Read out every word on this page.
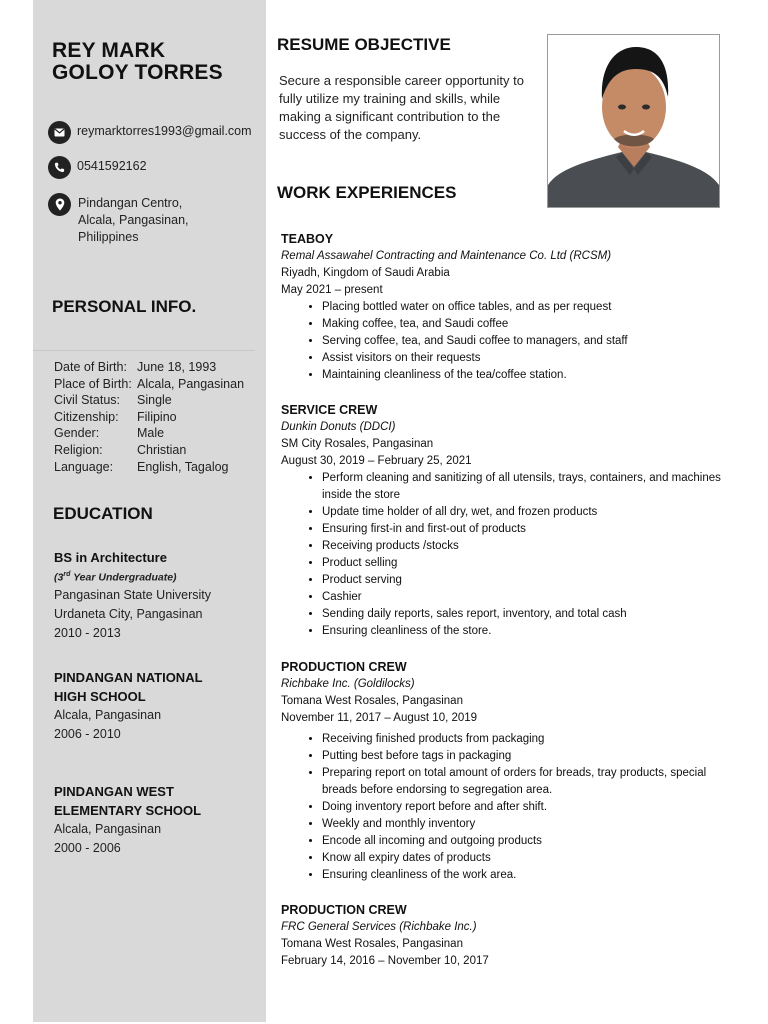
REY MARK
GOLOY TORRES
reymarktorres1993@gmail.com
0541592162
Pindangan Centro,
Alcala, Pangasinan,
Philippines
PERSONAL INFO.
Date of Birth: June 18, 1993
Place of Birth: Alcala, Pangasinan
Civil Status:	Single
Citizenship:	Filipino
Gender:	Male
Religion:	Christian
Language:	English, Tagalog
EDUCATION
BS in Architecture
(3rd Year Undergraduate)
Pangasinan State University
Urdaneta City, Pangasinan
2010 - 2013
PINDANGAN NATIONAL
HIGH SCHOOL
Alcala, Pangasinan
2006 - 2010
PINDANGAN WEST
ELEMENTARY SCHOOL
Alcala, Pangasinan
2000 - 2006
RESUME OBJECTIVE
Secure a responsible career opportunity to fully utilize my training and skills, while making a significant contribution to the success of the company.
WORK EXPERIENCES
TEABOY
Remal Assawahel Contracting and Maintenance Co. Ltd (RCSM)
Riyadh, Kingdom of Saudi Arabia
May 2021 – present
• Placing bottled water on office tables, and as per request
• Making coffee, tea, and Saudi coffee
• Serving coffee, tea, and Saudi coffee to managers, and staff
• Assist visitors on their requests
• Maintaining cleanliness of the tea/coffee station.
SERVICE CREW
Dunkin Donuts (DDCI)
SM City Rosales, Pangasinan
August 30, 2019 – February 25, 2021
• Perform cleaning and sanitizing of all utensils, trays, containers, and machines inside the store
• Update time holder of all dry, wet, and frozen products
• Ensuring first-in and first-out of products
• Receiving products /stocks
• Product selling
• Product serving
• Cashier
• Sending daily reports, sales report, inventory, and total cash
• Ensuring cleanliness of the store.
PRODUCTION CREW
Richbake Inc. (Goldilocks)
Tomana West Rosales, Pangasinan
November 11, 2017 – August 10, 2019
• Receiving finished products from packaging
• Putting best before tags in packaging
• Preparing report on total amount of orders for breads, tray products, special breads before endorsing to segregation area.
• Doing inventory report before and after shift.
• Weekly and monthly inventory
• Encode all incoming and outgoing products
• Know all expiry dates of products
• Ensuring cleanliness of the work area.
PRODUCTION CREW
FRC General Services (Richbake Inc.)
Tomana West Rosales, Pangasinan
February 14, 2016 – November 10, 2017
